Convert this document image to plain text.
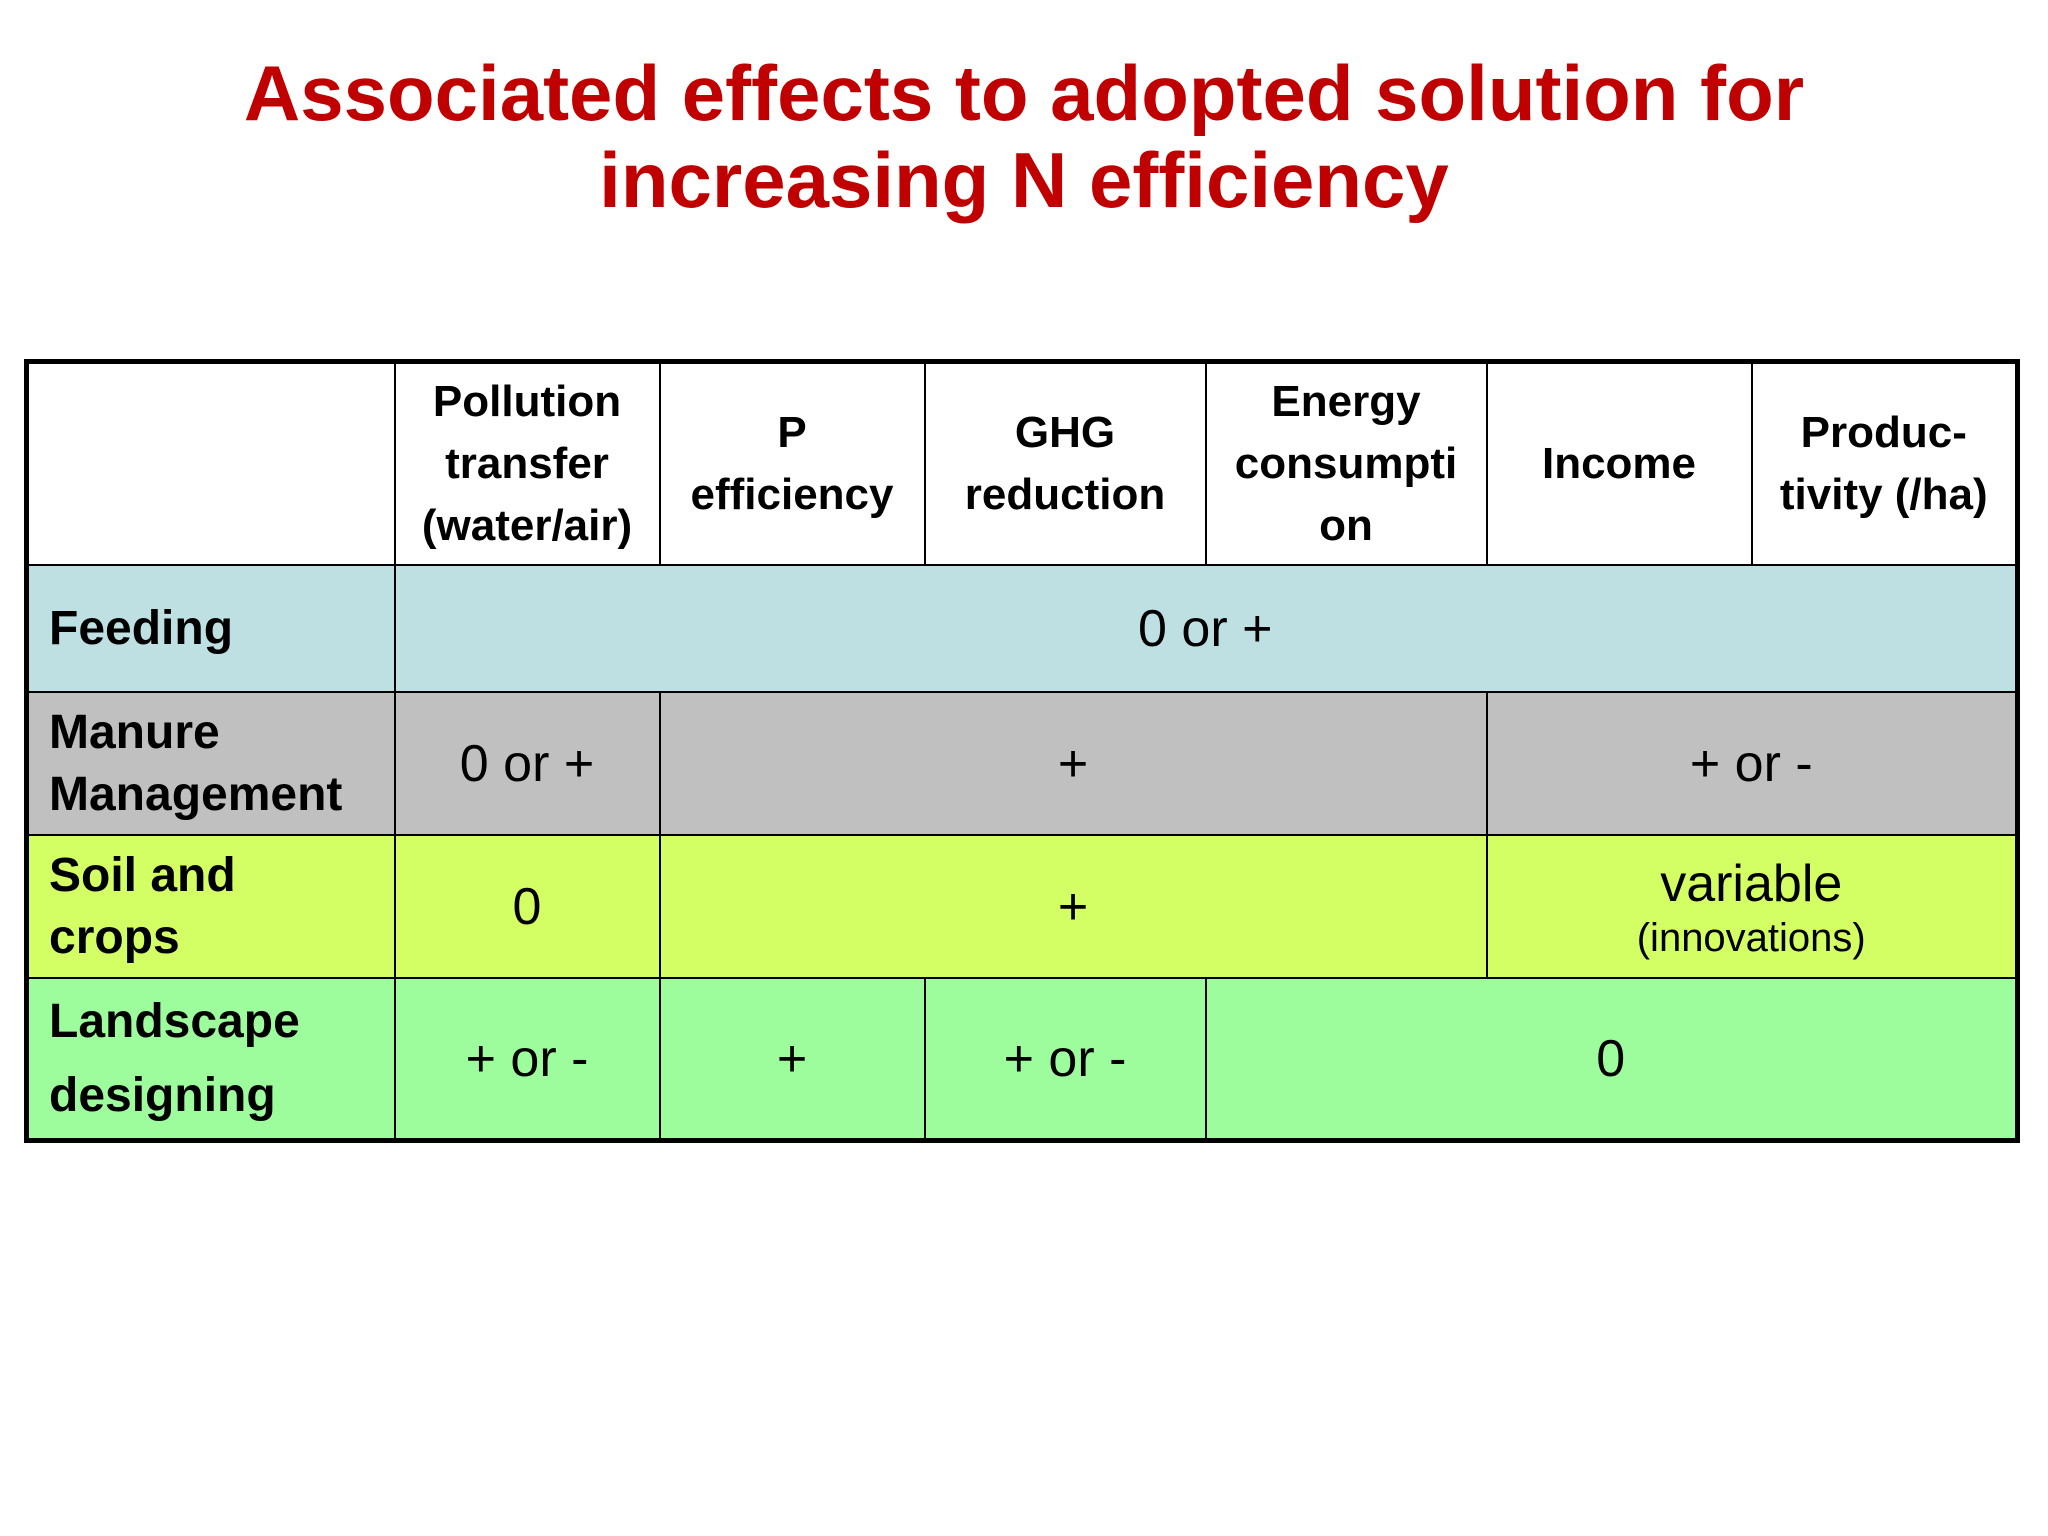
Associated effects to adopted solution for
increasing N efficiency

	Pollution
transfer
(water/air)	P
efficiency	GHG
reduction	Energy
consumpti
on	Income	Produc-
tivity (/ha)

Feeding	0 or +					

Manure
Management	0 or +	+			+ or -	

Soil and
crops	0	+			variable
(innovations)	

Landscape
designing	+ or -	+	+ or -	0		
